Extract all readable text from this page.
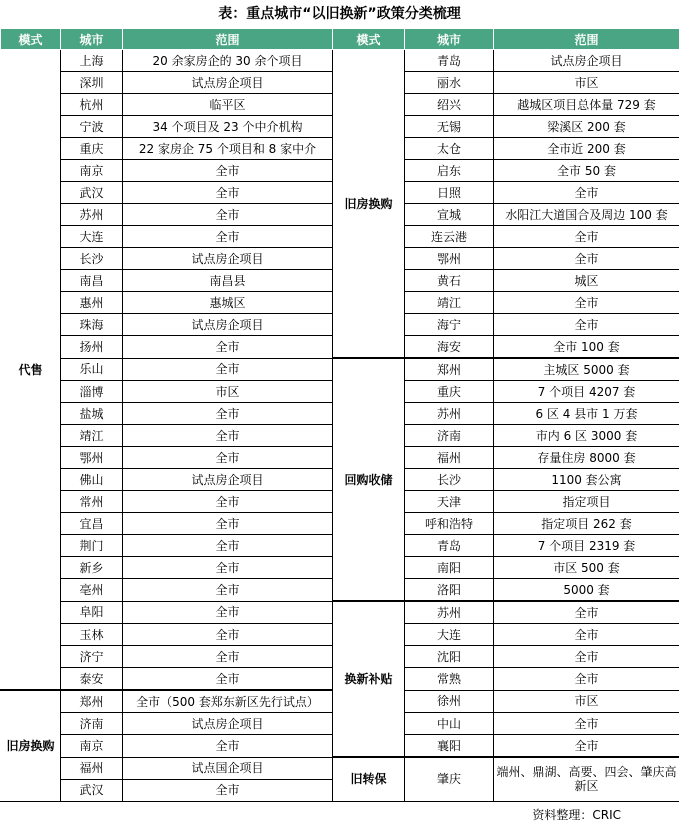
表：重点城市“以旧换新”政策分类梳理
模式	城市	范围	模式	城市	范围
代售	上海	20 余家房企的 30 余个项目	旧房换购	青岛	试点房企项目
	深圳	试点房企项目		丽水	市区
	杭州	临平区		绍兴	越城区项目总体量 729 套
	宁波	34 个项目及 23 个中介机构		无锡	梁溪区 200 套
	重庆	22 家房企 75 个项目和 8 家中介		太仓	全市近 200 套
	南京	全市		启东	全市 50 套
	武汉	全市		日照	全市
	苏州	全市		宣城	水阳江大道国合及周边 100 套
	大连	全市		连云港	全市
	长沙	试点房企项目		鄂州	全市
	南昌	南昌县		黄石	城区
	惠州	惠城区		靖江	全市
	珠海	试点房企项目		海宁	全市
	扬州	全市		海安	全市 100 套
	乐山	全市	回购收储	郑州	主城区 5000 套
	淄博	市区		重庆	7 个项目 4207 套
	盐城	全市		苏州	6 区 4 县市 1 万套
	靖江	全市		济南	市内 6 区 3000 套
	鄂州	全市		福州	存量住房 8000 套
	佛山	试点房企项目		长沙	1100 套公寓
	常州	全市		天津	指定项目
	宜昌	全市		呼和浩特	指定项目 262 套
	荆门	全市		青岛	7 个项目 2319 套
	新乡	全市		南阳	市区 500 套
	亳州	全市		洛阳	5000 套
	阜阳	全市	换新补贴	苏州	全市
	玉林	全市		大连	全市
	济宁	全市		沈阳	全市
	泰安	全市		常熟	全市
旧房换购	郑州	全市（500 套郑东新区先行试点）		徐州	市区
	济南	试点房企项目		中山	全市
	南京	全市		襄阳	全市
	福州	试点国企项目	旧转保	肇庆	端州、鼎湖、高要、四会、肇庆高新区
	武汉	全市			
资料整理：CRIC
